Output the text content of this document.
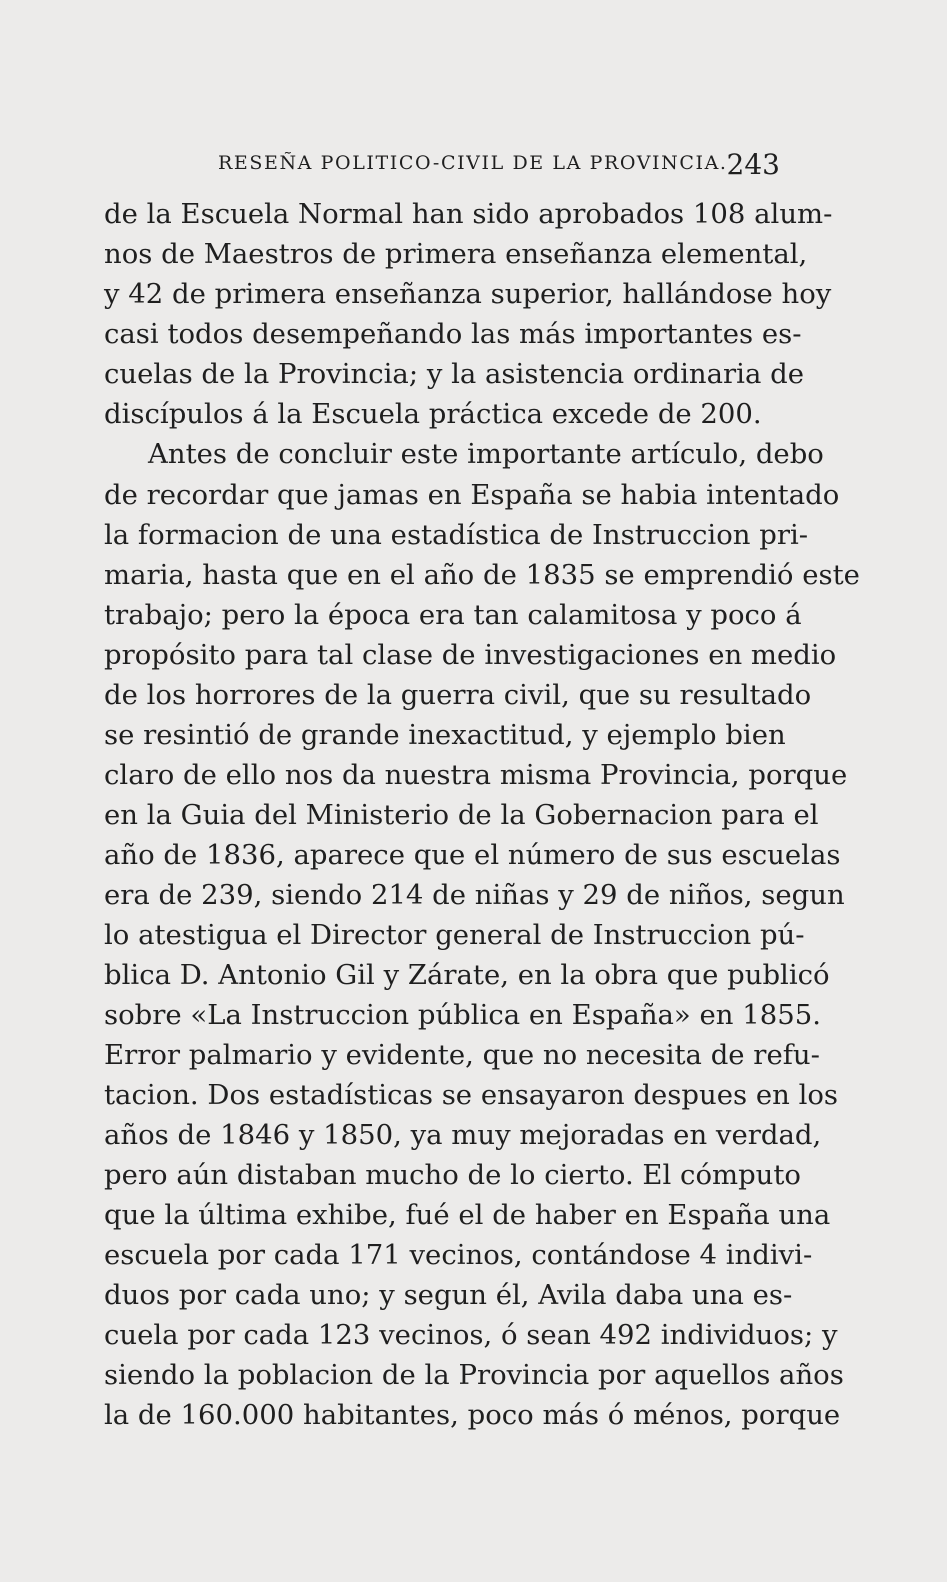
RESEÑA POLITICO-CIVIL DE LA PROVINCIA.
243
de la Escuela Normal han sido aprobados 108 alum-
nos de Maestros de primera enseñanza elemental,
y 42 de primera enseñanza superior, hallándose hoy
casi todos desempeñando las más importantes es-
cuelas de la Provincia; y la asistencia ordinaria de
discípulos á la Escuela práctica excede de 200.
Antes de concluir este importante artículo, debo
de recordar que jamas en España se habia intentado
la formacion de una estadística de Instruccion pri-
maria, hasta que en el año de 1835 se emprendió este
trabajo; pero la época era tan calamitosa y poco á
propósito para tal clase de investigaciones en medio
de los horrores de la guerra civil, que su resultado
se resintió de grande inexactitud, y ejemplo bien
claro de ello nos da nuestra misma Provincia, porque
en la Guia del Ministerio de la Gobernacion para el
año de 1836, aparece que el número de sus escuelas
era de 239, siendo 214 de niñas y 29 de niños, segun
lo atestigua el Director general de Instruccion pú-
blica D. Antonio Gil y Zárate, en la obra que publicó
sobre «La Instruccion pública en España» en 1855.
Error palmario y evidente, que no necesita de refu-
tacion. Dos estadísticas se ensayaron despues en los
años de 1846 y 1850, ya muy mejoradas en verdad,
pero aún distaban mucho de lo cierto. El cómputo
que la última exhibe, fué el de haber en España una
escuela por cada 171 vecinos, contándose 4 indivi-
duos por cada uno; y segun él, Avila daba una es-
cuela por cada 123 vecinos, ó sean 492 individuos; y
siendo la poblacion de la Provincia por aquellos años
la de 160.000 habitantes, poco más ó ménos, porque
